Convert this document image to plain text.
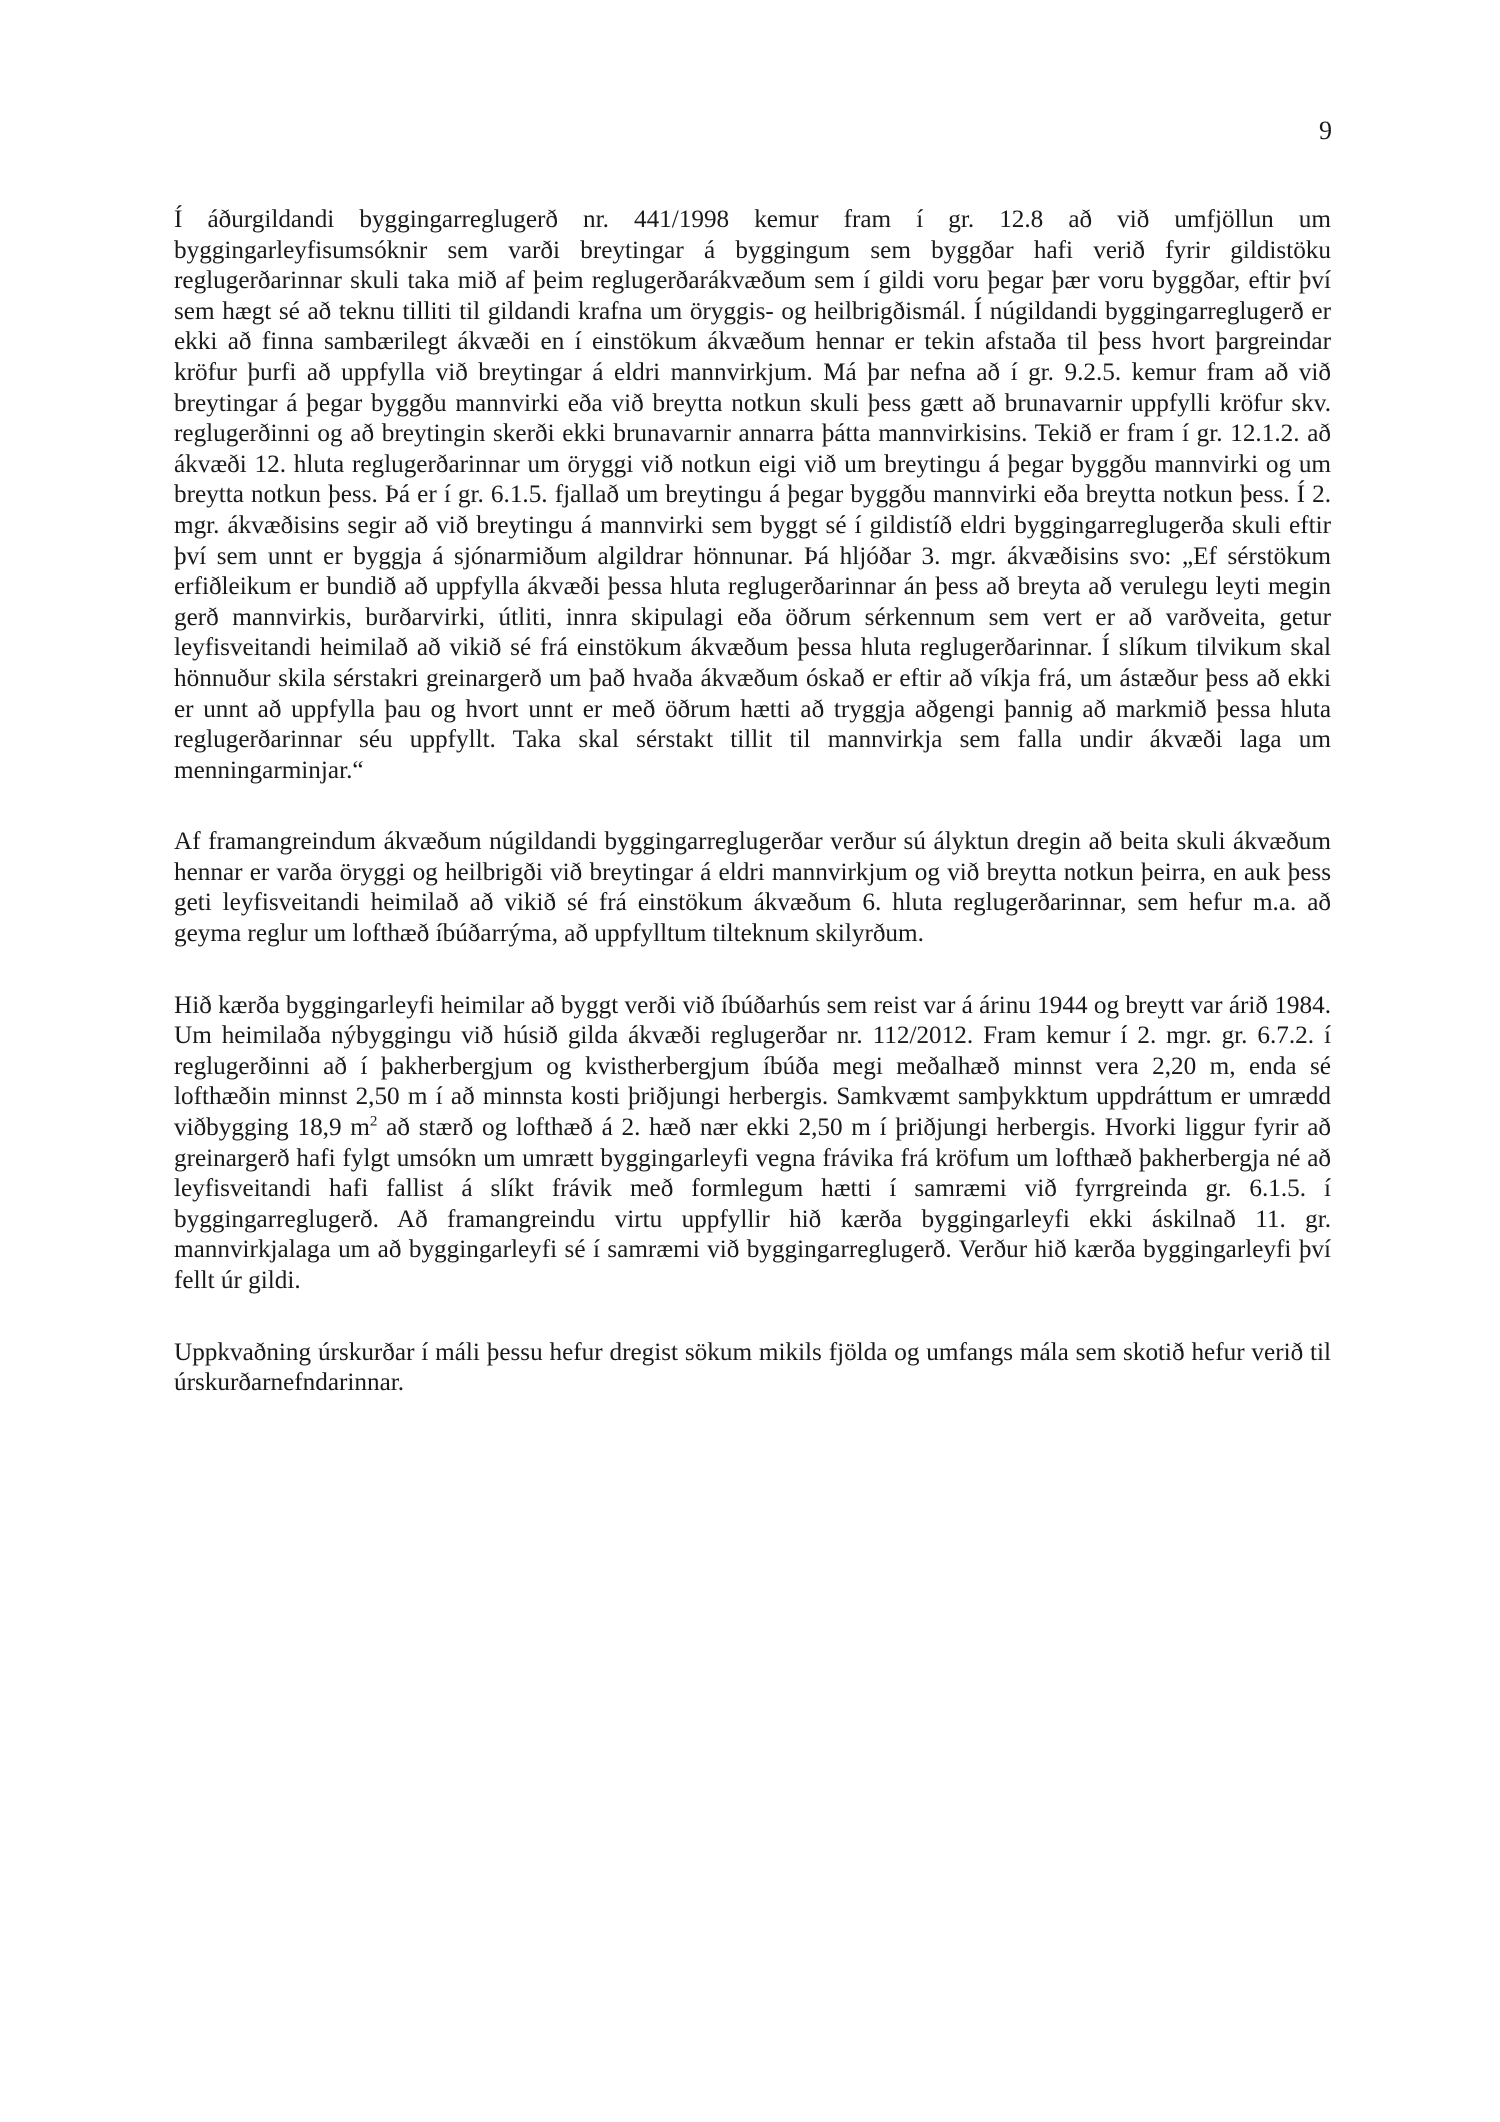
9

Í áðurgildandi byggingarreglugerð nr. 441/1998 kemur fram í gr. 12.8 að við umfjöllun um byggingarleyfisumsóknir sem varði breytingar á byggingum sem byggðar hafi verið fyrir gildistöku reglugerðarinnar skuli taka mið af þeim reglugerðarákvæðum sem í gildi voru þegar þær voru byggðar, eftir því sem hægt sé að teknu tilliti til gildandi krafna um öryggis- og heilbrigðismál. Í núgildandi byggingarreglugerð er ekki að finna sambærilegt ákvæði en í einstökum ákvæðum hennar er tekin afstaða til þess hvort þargreindar kröfur þurfi að uppfylla við breytingar á eldri mannvirkjum. Má þar nefna að í gr. 9.2.5. kemur fram að við breytingar á þegar byggðu mannvirki eða við breytta notkun skuli þess gætt að brunavarnir uppfylli kröfur skv. reglugerðinni og að breytingin skerði ekki brunavarnir annarra þátta mannvirkisins. Tekið er fram í gr. 12.1.2. að ákvæði 12. hluta reglugerðarinnar um öryggi við notkun eigi við um breytingu á þegar byggðu mannvirki og um breytta notkun þess. Þá er í gr. 6.1.5. fjallað um breytingu á þegar byggðu mannvirki eða breytta notkun þess. Í 2. mgr. ákvæðisins segir að við breytingu á mannvirki sem byggt sé í gildistíð eldri byggingarreglugerða skuli eftir því sem unnt er byggja á sjónarmiðum algildrar hönnunar. Þá hljóðar 3. mgr. ákvæðisins svo: „Ef sérstökum erfiðleikum er bundið að uppfylla ákvæði þessa hluta reglugerðarinnar án þess að breyta að verulegu leyti megin gerð mannvirkis, burðarvirki, útliti, innra skipulagi eða öðrum sérkennum sem vert er að varðveita, getur leyfisveitandi heimilað að vikið sé frá einstökum ákvæðum þessa hluta reglugerðarinnar. Í slíkum tilvikum skal hönnuður skila sérstakri greinargerð um það hvaða ákvæðum óskað er eftir að víkja frá, um ástæður þess að ekki er unnt að uppfylla þau og hvort unnt er með öðrum hætti að tryggja aðgengi þannig að markmið þessa hluta reglugerðarinnar séu uppfyllt. Taka skal sérstakt tillit til mannvirkja sem falla undir ákvæði laga um menningarminjar.“

Af framangreindum ákvæðum núgildandi byggingarreglugerðar verður sú ályktun dregin að beita skuli ákvæðum hennar er varða öryggi og heilbrigði við breytingar á eldri mannvirkjum og við breytta notkun þeirra, en auk þess geti leyfisveitandi heimilað að vikið sé frá einstökum ákvæðum 6. hluta reglugerðarinnar, sem hefur m.a. að geyma reglur um lofthæð íbúðarrýma, að uppfylltum tilteknum skilyrðum.

Hið kærða byggingarleyfi heimilar að byggt verði við íbúðarhús sem reist var á árinu 1944 og breytt var árið 1984. Um heimilaða nýbyggingu við húsið gilda ákvæði reglugerðar nr. 112/2012. Fram kemur í 2. mgr. gr. 6.7.2. í reglugerðinni að í þakherbergjum og kvistherbergjum íbúða megi meðalhæð minnst vera 2,20 m, enda sé lofthæðin minnst 2,50 m í að minnsta kosti þriðjungi herbergis. Samkvæmt samþykktum uppdráttum er umrædd viðbygging 18,9 $m^2$ að stærð og lofthæð á 2. hæð nær ekki 2,50 m í þriðjungi herbergis. Hvorki liggur fyrir að greinargerð hafi fylgt umsókn um umrætt byggingarleyfi vegna frávika frá kröfum um lofthæð þakherbergja né að leyfisveitandi hafi fallist á slíkt frávik með formlegum hætti í samræmi við fyrrgreinda gr. 6.1.5. í byggingarreglugerð. Að framangreindu virtu uppfyllir hið kærða byggingarleyfi ekki áskilnað 11. gr. mannvirkjalaga um að byggingarleyfi sé í samræmi við byggingarreglugerð. Verður hið kærða byggingarleyfi því fellt úr gildi.

Uppkvaðning úrskurðar í máli þessu hefur dregist sökum mikils fjölda og umfangs mála sem skotið hefur verið til úrskurðarnefndarinnar.
